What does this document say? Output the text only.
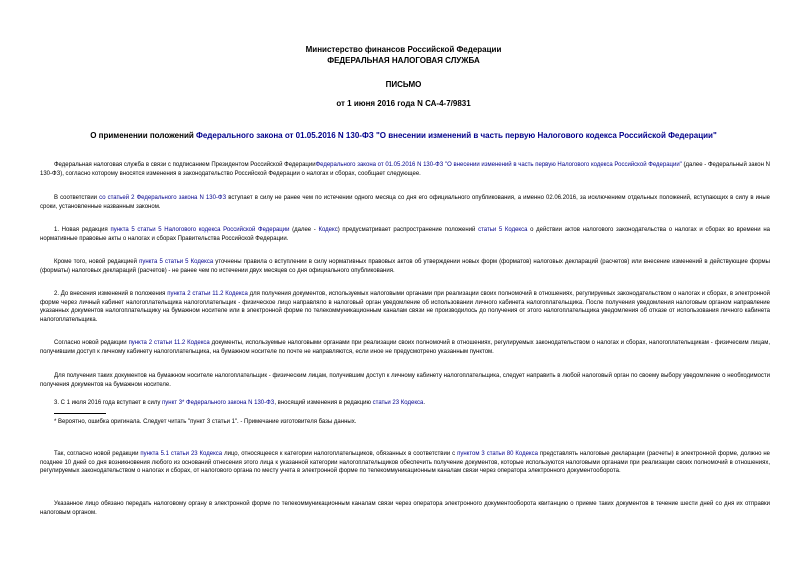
Министерство финансов Российской Федерации
ФЕДЕРАЛЬНАЯ НАЛОГОВАЯ СЛУЖБА
ПИСЬМО
от 1 июня 2016 года N СА-4-7/9831
О применении положений Федерального закона от 01.05.2016 N 130-ФЗ "О внесении изменений в часть первую Налогового кодекса Российской Федерации"
Федеральная налоговая служба в связи с подписанием Президентом Российской ФедерацииФедерального закона от 01.05.2016 N 130-ФЗ "О внесении изменений в часть первую Налогового кодекса Российской Федерации" (далее - Федеральный закон N 130-ФЗ), согласно которому вносятся изменения в законодательство Российской Федерации о налогах и сборах, сообщает следующее.
В соответствии со статьей 2 Федерального закона N 130-ФЗ вступает в силу не ранее чем по истечении одного месяца со дня его официального опубликования, а именно 02.06.2016, за исключением отдельных положений, вступающих в силу в иные сроки, установленные названным законом.
1. Новая редакция пункта 5 статьи 5 Налогового кодекса Российской Федерации (далее - Кодекс) предусматривает распространение положений статьи 5 Кодекса о действии актов налогового законодательства о налогах и сборах во времени на нормативные правовые акты о налогах и сборах Правительства Российской Федерации.
Кроме того, новой редакцией пункта 5 статьи 5 Кодекса уточнены правила о вступлении в силу нормативных правовых актов об утверждении новых форм (форматов) налоговых деклараций (расчетов) или внесение изменений в действующие формы (форматы) налоговых деклараций (расчетов) - не ранее чем по истечении двух месяцев со дня официального опубликования.
2. До внесения изменений в положения пункта 2 статьи 11.2 Кодекса для получения документов, используемых налоговыми органами при реализации своих полномочий в отношениях, регулируемых законодательством о налогах и сборах, в электронной форме через личный кабинет налогоплательщика налогоплательщик - физическое лицо направляло в налоговый орган уведомление об использовании личного кабинета налогоплательщика. После получения уведомления налоговым органом направление указанных документов налогоплательщику на бумажном носителе или в электронной форме по телекоммуникационным каналам связи не производилось до получения от этого налогоплательщика уведомления об отказе от использования личного кабинета налогоплательщика.
Согласно новой редакции пункта 2 статьи 11.2 Кодекса документы, используемые налоговыми органами при реализации своих полномочий в отношениях, регулируемых законодательством о налогах и сборах, налогоплательщикам - физическим лицам, получившим доступ к личному кабинету налогоплательщика, на бумажном носителе по почте не направляются, если иное не предусмотрено указанным пунктом.
Для получения таких документов на бумажном носителе налогоплательщик - физическим лицам, получившим доступ к личному кабинету налогоплательщика, следует направить в любой налоговый орган по своему выбору уведомление о необходимости получения документов на бумажном носителе.
3. С 1 июля 2016 года вступает в силу пункт 3* Федерального закона N 130-ФЗ, вносящий изменения в редакцию статьи 23 Кодекса.
* Вероятно, ошибка оригинала. Следует читать "пункт 3 статьи 1". - Примечание изготовителя базы данных.
Так, согласно новой редакции пункта 5.1 статьи 23 Кодекса лицо, относящееся к категории налогоплательщиков, обязанных в соответствии с пунктом 3 статьи 80 Кодекса представлять налоговые декларации (расчеты) в электронной форме, должно не позднее 10 дней со дня возникновения любого из оснований отнесения этого лица к указанной категории налогоплательщиков обеспечить получение документов, которые используются налоговыми органами при реализации своих полномочий в отношениях, регулируемых законодательством о налогах и сборах, от налогового органа по месту учета в электронной форме по телекоммуникационным каналам связи через оператора электронного документооборота.
Указанное лицо обязано передать налоговому органу в электронной форме по телекоммуникационным каналам связи через оператора электронного документооборота квитанцию о приеме таких документов в течение шести дней со дня их отправки налоговым органом.
